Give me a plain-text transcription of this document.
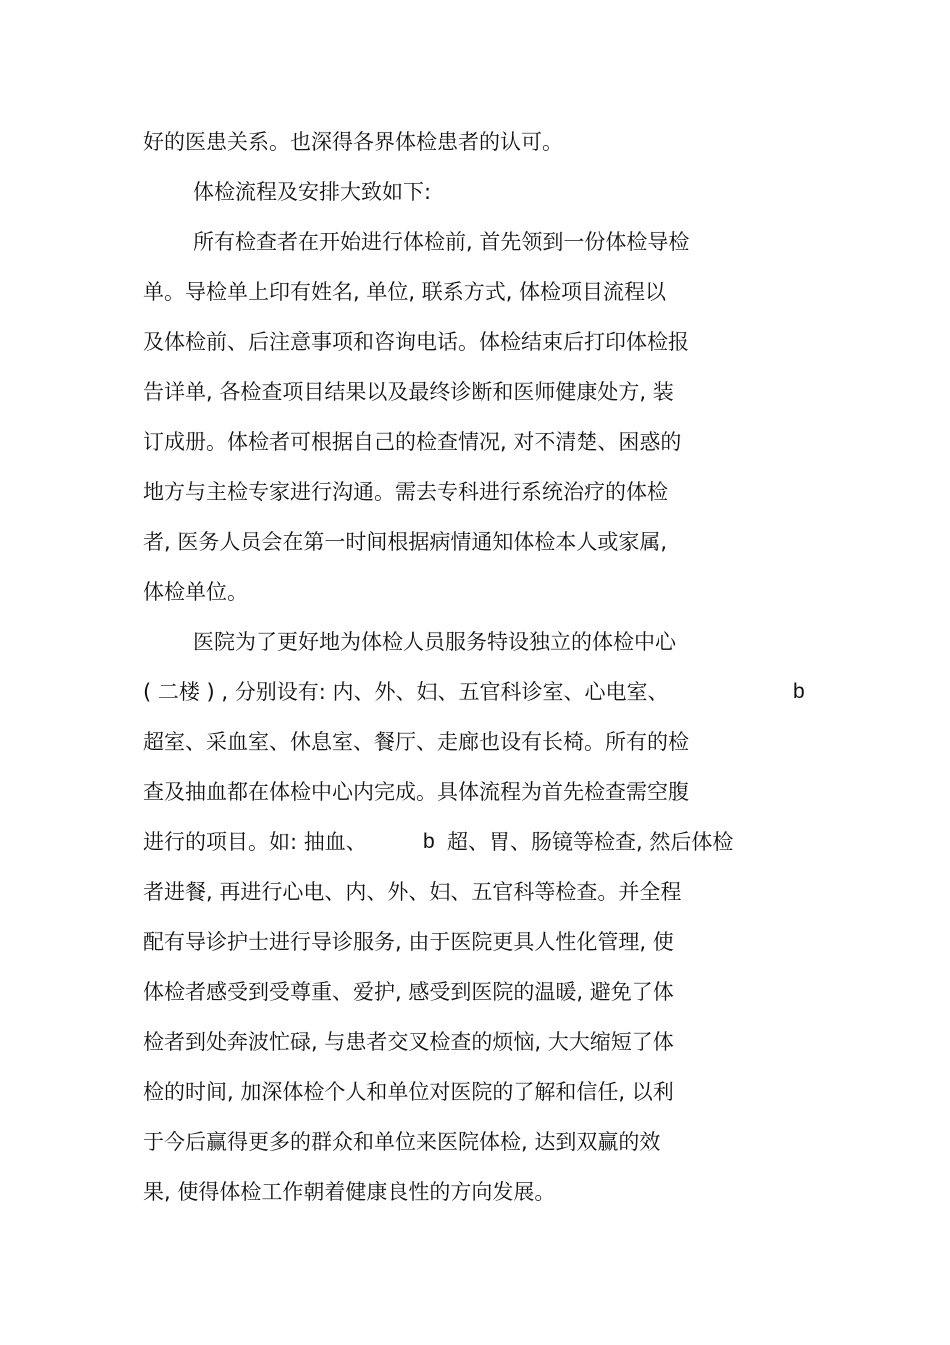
好的医患关系。也深得各界体检患者的认可。
体检流程及安排大致如下:
所有检查者在开始进行体检前, 首先领到一份体检导检
单。导检单上印有姓名, 单位, 联系方式, 体检项目流程以
及体检前、后注意事项和咨询电话。体检结束后打印体检报
告详单, 各检查项目结果以及最终诊断和医师健康处方, 装
订成册。体检者可根据自己的检查情况, 对不清楚、困惑的
地方与主检专家进行沟通。需去专科进行系统治疗的体检
者, 医务人员会在第一时间根据病情通知体检本人或家属,
体检单位。
医院为了更好地为体检人员服务特设独立的体检中心
( 二楼 ) , 分别设有: 内、外、妇、五官科诊室、心电室、	b
超室、采血室、休息室、餐厅、走廊也设有长椅。所有的检
查及抽血都在体检中心内完成。具体流程为首先检查需空腹
进行的项目。如: 抽血、	b 超、胃、肠镜等检查, 然后体检
者进餐, 再进行心电、内、外、妇、五官科等检查。并全程
配有导诊护士进行导诊服务, 由于医院更具人性化管理, 使
体检者感受到受尊重、爱护, 感受到医院的温暖, 避免了体
检者到处奔波忙碌, 与患者交叉检查的烦恼, 大大缩短了体
检的时间, 加深体检个人和单位对医院的了解和信任, 以利
于今后赢得更多的群众和单位来医院体检, 达到双赢的效
果, 使得体检工作朝着健康良性的方向发展。
